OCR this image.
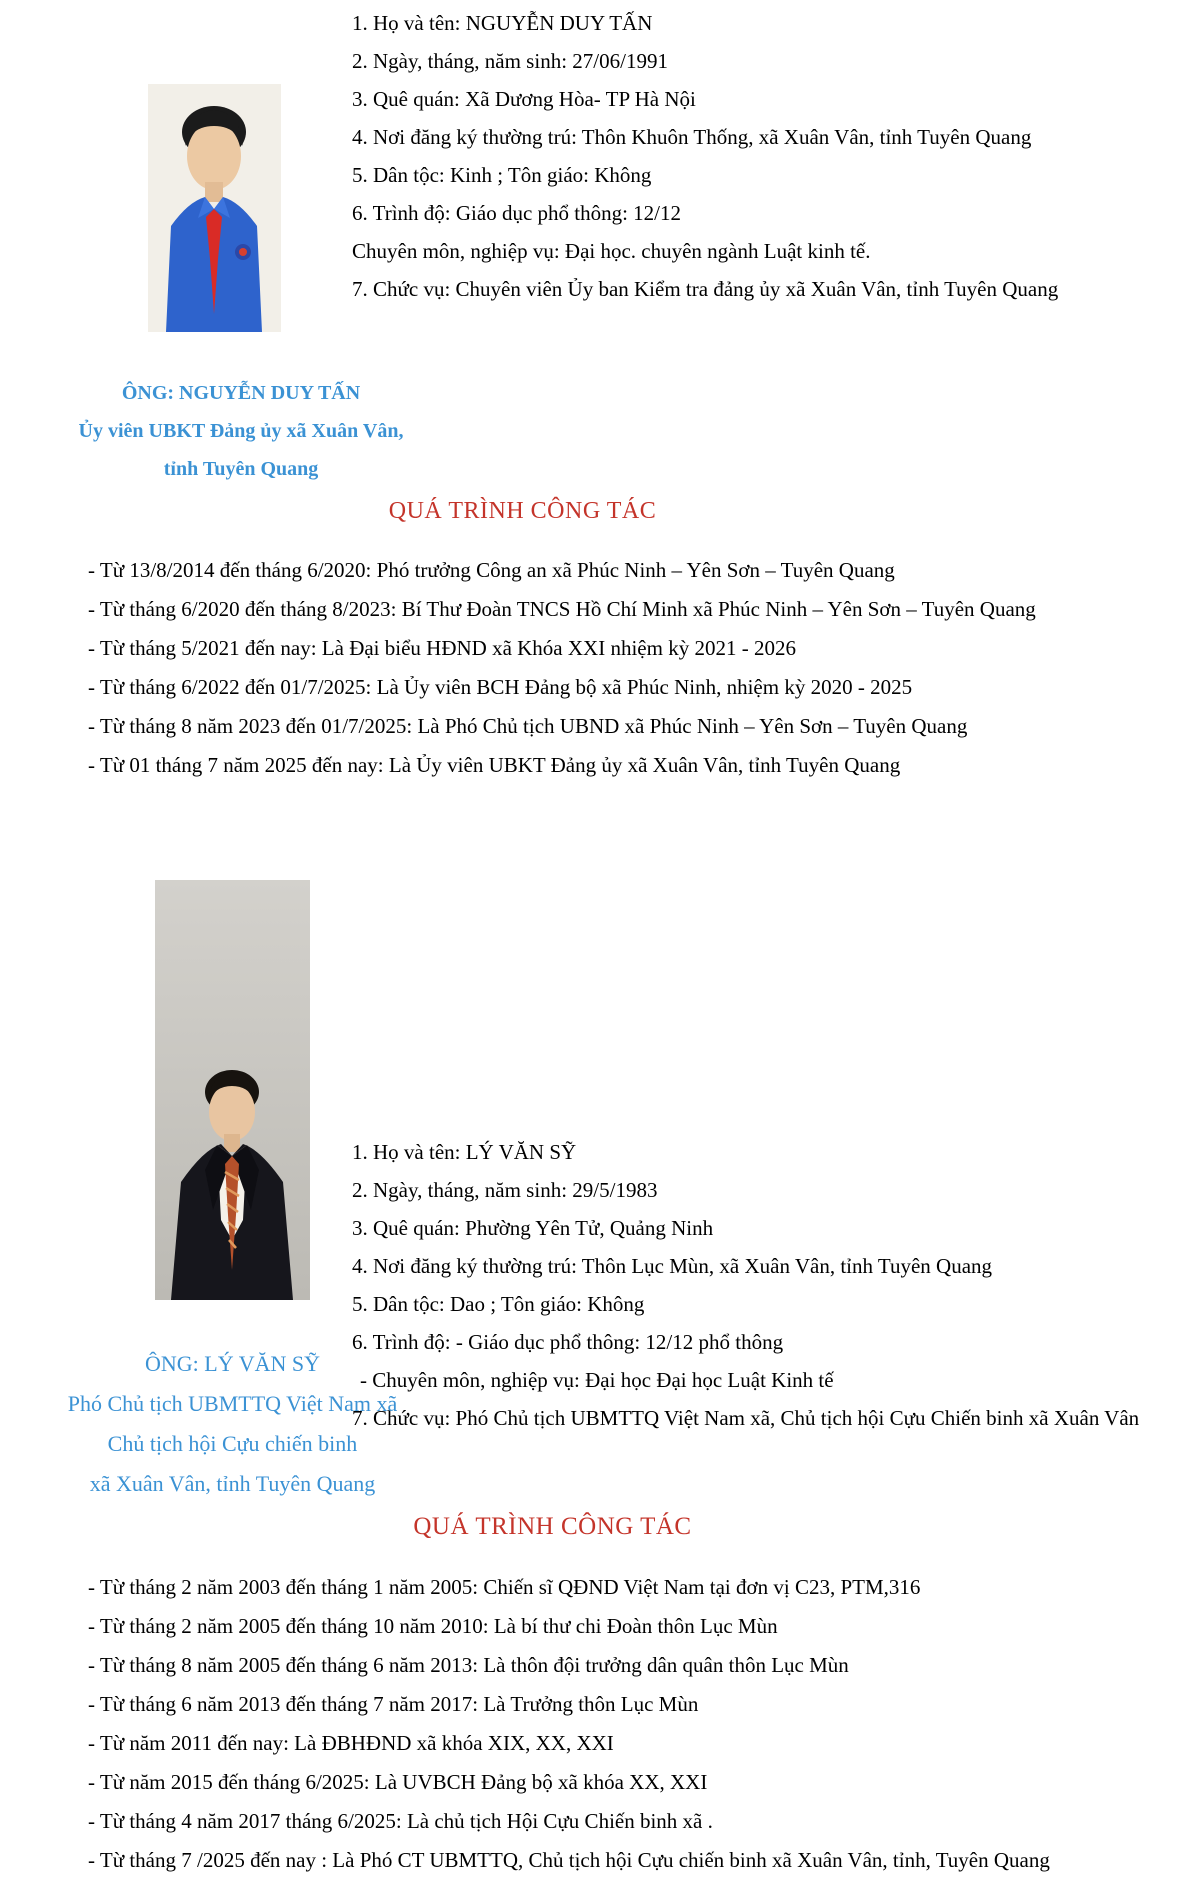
1. Họ và tên: NGUYỄN DUY TẤN
2. Ngày, tháng, năm sinh: 27/06/1991
3. Quê quán: Xã Dương Hòa- TP Hà Nội
4. Nơi đăng ký thường trú: Thôn Khuôn Thống, xã Xuân Vân, tỉnh Tuyên Quang
5. Dân tộc: Kinh ; Tôn giáo: Không
6. Trình độ: Giáo dục phổ thông: 12/12
Chuyên môn, nghiệp vụ: Đại học. chuyên ngành Luật kinh tế.
7. Chức vụ: Chuyên viên Ủy ban Kiểm tra đảng ủy xã Xuân Vân, tỉnh Tuyên Quang
ÔNG: NGUYỄN DUY TẤN
Ủy viên UBKT Đảng ủy xã Xuân Vân,
tỉnh Tuyên Quang
QUÁ TRÌNH CÔNG TÁC
- Từ 13/8/2014 đến tháng 6/2020: Phó trưởng Công an xã Phúc Ninh – Yên Sơn – Tuyên Quang
- Từ tháng 6/2020 đến tháng 8/2023: Bí Thư Đoàn TNCS Hồ Chí Minh xã Phúc Ninh – Yên Sơn – Tuyên Quang
- Từ tháng 5/2021 đến nay: Là Đại biểu HĐND xã Khóa XXI nhiệm kỳ 2021 - 2026
- Từ tháng 6/2022 đến 01/7/2025: Là Ủy viên BCH Đảng bộ xã Phúc Ninh, nhiệm kỳ 2020 - 2025
- Từ tháng 8 năm 2023 đến 01/7/2025: Là Phó Chủ tịch UBND xã Phúc Ninh – Yên Sơn – Tuyên Quang
- Từ 01 tháng 7 năm 2025 đến nay: Là Ủy viên UBKT Đảng ủy xã Xuân Vân, tỉnh Tuyên Quang
1. Họ và tên: LÝ VĂN SỸ
2. Ngày, tháng, năm sinh: 29/5/1983
3. Quê quán: Phường Yên Tử, Quảng Ninh
4. Nơi đăng ký thường trú: Thôn Lục Mùn, xã Xuân Vân, tỉnh Tuyên Quang
5. Dân tộc: Dao ; Tôn giáo: Không
6. Trình độ: - Giáo dục phổ thông: 12/12 phổ thông
- Chuyên môn, nghiệp vụ: Đại học Đại học Luật Kinh tế
7. Chức vụ: Phó Chủ tịch UBMTTQ Việt Nam xã, Chủ tịch hội Cựu Chiến binh xã Xuân Vân
ÔNG: LÝ VĂN SỸ
Phó Chủ tịch UBMTTQ Việt Nam xã
Chủ tịch hội Cựu chiến binh
xã Xuân Vân, tỉnh Tuyên Quang
QUÁ TRÌNH CÔNG TÁC
- Từ tháng 2 năm 2003 đến tháng 1 năm 2005: Chiến sĩ QĐND Việt Nam tại đơn vị C23, PTM,316
- Từ tháng 2 năm 2005 đến tháng 10 năm 2010: Là bí thư chi Đoàn thôn Lục Mùn
- Từ tháng 8 năm 2005 đến tháng 6 năm 2013: Là thôn đội trưởng dân quân thôn Lục Mùn
- Từ tháng 6 năm 2013 đến tháng 7 năm 2017: Là Trưởng thôn Lục Mùn
- Từ năm 2011 đến nay: Là ĐBHĐND xã khóa XIX, XX, XXI
- Từ năm 2015 đến tháng 6/2025: Là UVBCH Đảng bộ xã khóa XX, XXI
- Từ tháng 4 năm 2017 tháng 6/2025: Là chủ tịch Hội Cựu Chiến binh xã .
- Từ tháng 7 /2025 đến nay : Là Phó CT UBMTTQ, Chủ tịch hội Cựu chiến binh xã Xuân Vân, tỉnh, Tuyên Quang
